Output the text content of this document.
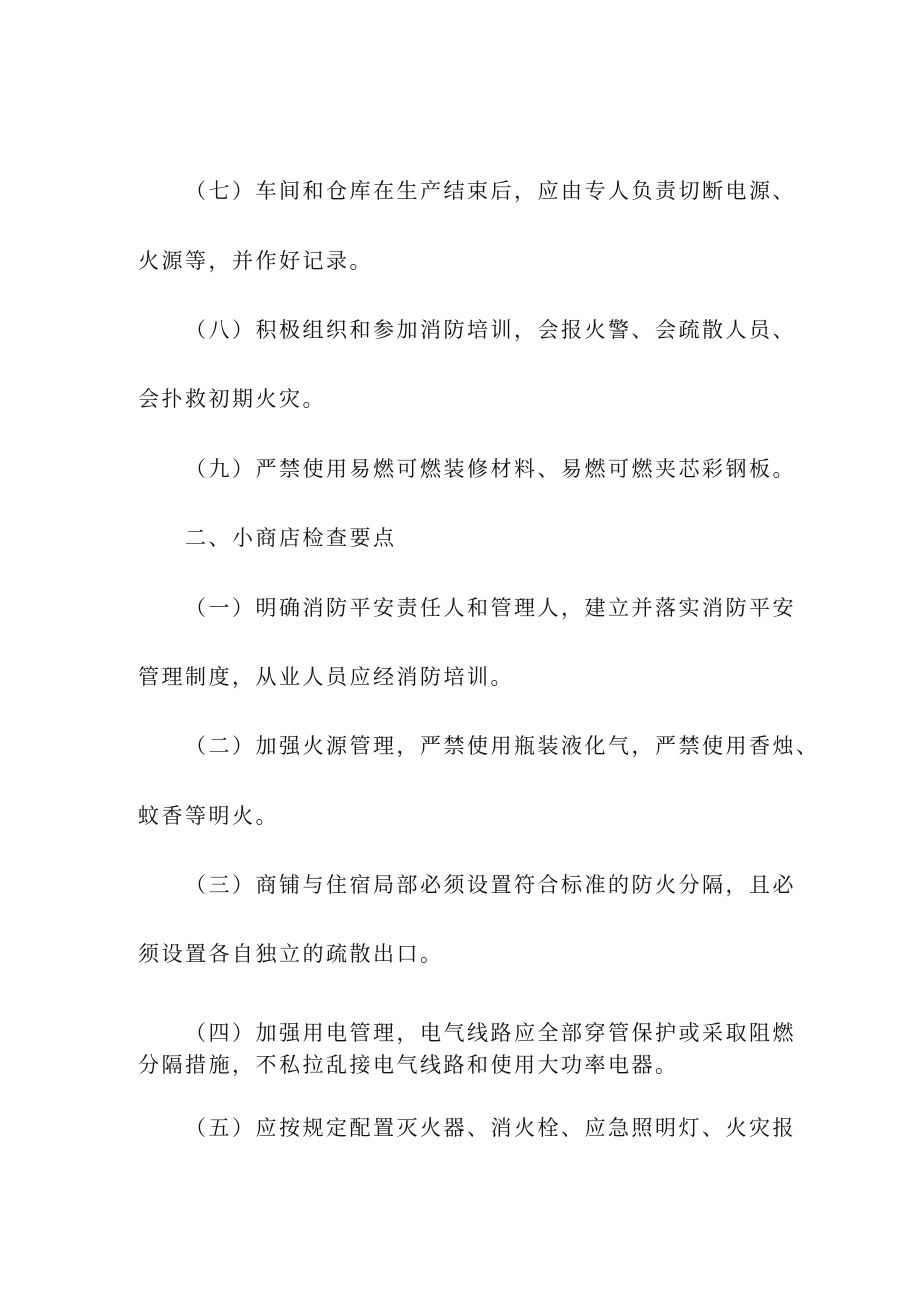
（七）车间和仓库在生产结束后，应由专人负责切断电源、

火源等，并作好记录。

（八）积极组织和参加消防培训，会报火警、会疏散人员、

会扑救初期火灾。

（九）严禁使用易燃可燃装修材料、易燃可燃夹芯彩钢板。

二、小商店检查要点

（一）明确消防平安责任人和管理人，建立并落实消防平安

管理制度，从业人员应经消防培训。

（二）加强火源管理，严禁使用瓶装液化气，严禁使用香烛、

蚊香等明火。

（三）商铺与住宿局部必须设置符合标准的防火分隔，且必

须设置各自独立的疏散出口。

（四）加强用电管理，电气线路应全部穿管保护或采取阻燃

分隔措施，不私拉乱接电气线路和使用大功率电器。

（五）应按规定配置灭火器、消火栓、应急照明灯、火灾报
